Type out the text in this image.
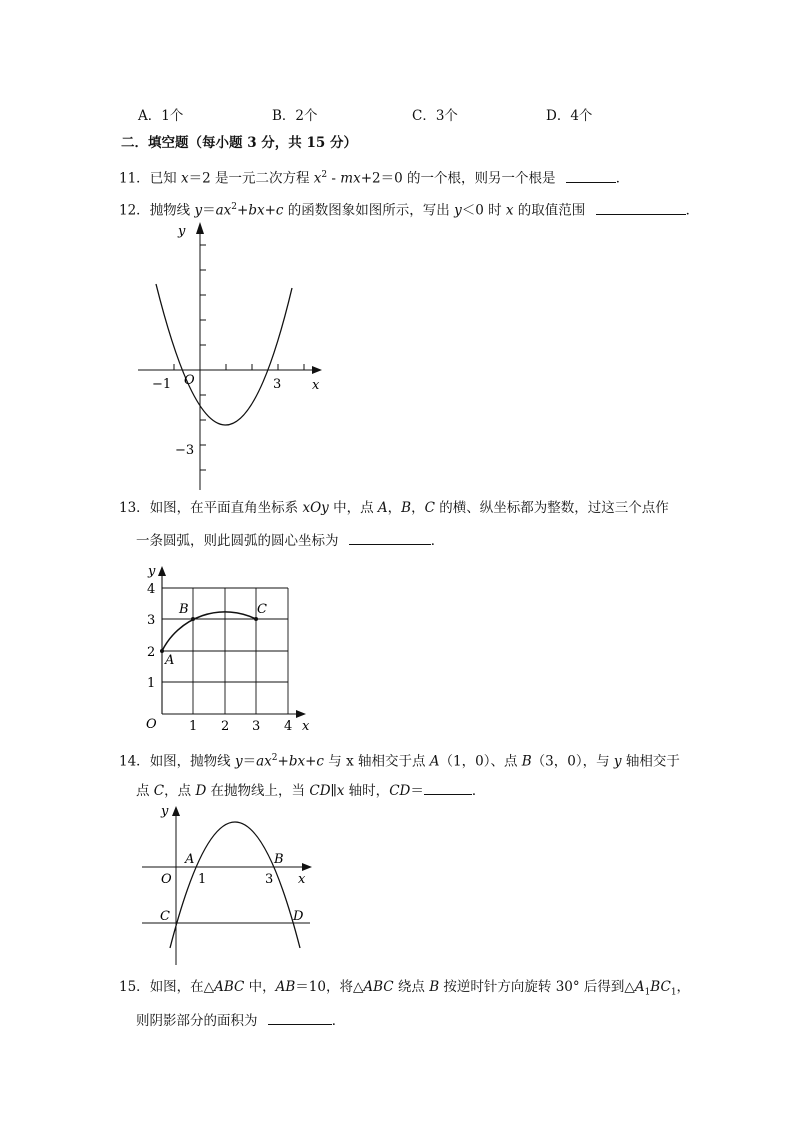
A．1个	B．2个	C．3个	D．4个
二．填空题（每小题 3 分，共 15 分）
11．已知 x＝2 是一元二次方程 $x^2 - mx+2=0$ 的一个根，则另一个根是	．
12．抛物线 $y=ax^2+bx+c$ 的函数图象如图所示，写出 y＜0 时 x 的取值范围	．
y
x
O
−1	3
−3
13．如图，在平面直角坐标系 xOy 中，点 A，B，C 的横、纵坐标都为整数，过这三个点作
一条圆弧，则此圆弧的圆心坐标为	．
y
x
O 1 2 3 4
1
2
3
4
A
B	C
14．如图，抛物线 $y=ax^2+bx+c$ 与 x 轴相交于点 A（1，0）、点 B（3，0），与 y 轴相交于
点 C，点 D 在抛物线上，当 CD∥x 轴时，CD＝	．
y
x
O 1	3
A	B
C	D
15．如图，在△ABC 中，AB＝10，将△ABC 绕点 B 按逆时针方向旋转 30° 后得到$\triangle A_1BC_1$，
则阴影部分的面积为	．
